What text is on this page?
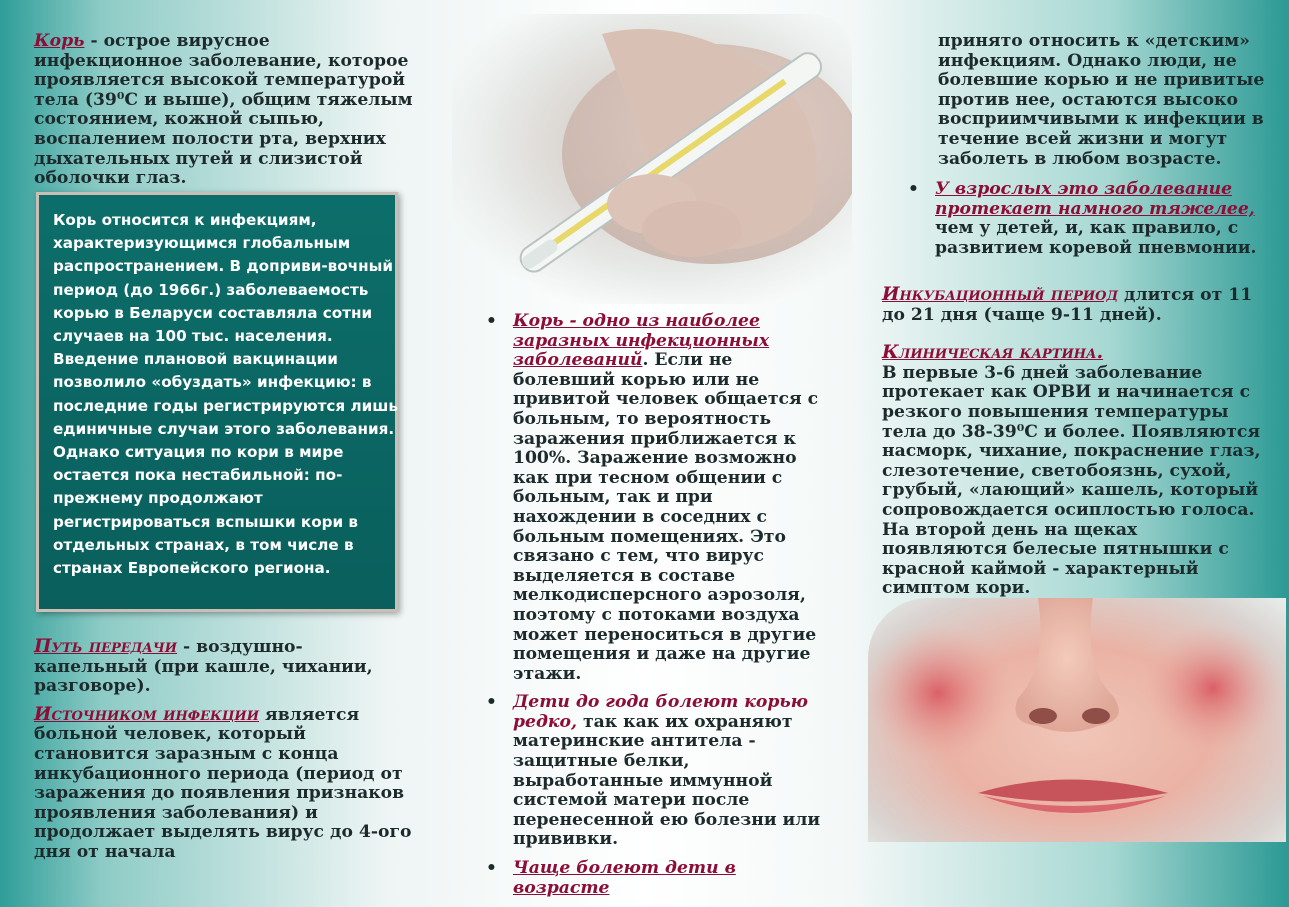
Корь - острое вирусное инфекционное заболевание, которое проявляется высокой температурой тела (39⁰С и выше), общим тяжелым состоянием, кожной сыпью, воспалением полости рта, верхних дыхательных путей и слизистой оболочки глаз.

Корь относится к инфекциям, характеризующимся глобальным распространением. В доприви-вочный период (до 1966г.) заболеваемость корью в Беларуси составляла сотни случаев на 100 тыс. населения. Введение плановой вакцинации позволило «обуздать» инфекцию: в последние годы регистрируются лишь единичные случаи этого заболевания. Однако ситуация по кори в мире остается пока нестабильной: по-прежнему продолжают регистрироваться вспышки кори в отдельных странах, в том числе в странах Европейского региона.

Путь передачи - воздушно-капельный (при кашле, чихании, разговоре).

Источником инфекции является больной человек, который становится заразным с конца инкубационного периода (период от заражения до появления признаков проявления заболевания) и продолжает выделять вирус до 4-ого дня от начала

• Корь - одно из наиболее заразных инфекционных заболеваний. Если не болевший корью или не привитой человек общается с больным, то вероятность заражения приближается к 100%. Заражение возможно как при тесном общении с больным, так и при нахождении в соседних с больным помещениях. Это связано с тем, что вирус выделяется в составе мелкодисперсного аэрозоля, поэтому с потоками воздуха может переноситься в другие помещения и даже на другие этажи.
• Дети до года болеют корью редко, так как их охраняют материнские антитела - защитные белки, выработанные иммунной системой матери после перенесенной ею болезни или прививки.
• Чаще болеют дети в возрасте

принято относить к «детским» инфекциям. Однако люди, не болевшие корью и не привитые против нее, остаются высоко восприимчивыми к инфекции в течение всей жизни и могут заболеть в любом возрасте.

• У взрослых это заболевание протекает намного тяжелее, чем у детей, и, как правило, с развитием коревой пневмонии.

Инкубационный период длится от 11 до 21 дня (чаще 9-11 дней).

Клиническая картина.

В первые 3-6 дней заболевание протекает как ОРВИ и начинается с резкого повышения температуры тела до 38-39⁰С и более. Появляются насморк, чихание, покраснение глаз, слезотечение, светобоязнь, сухой, грубый, «лающий» кашель, который сопровождается осиплостью голоса. На второй день на щеках появляются белесые пятнышки с красной каймой - характерный симптом кори.
